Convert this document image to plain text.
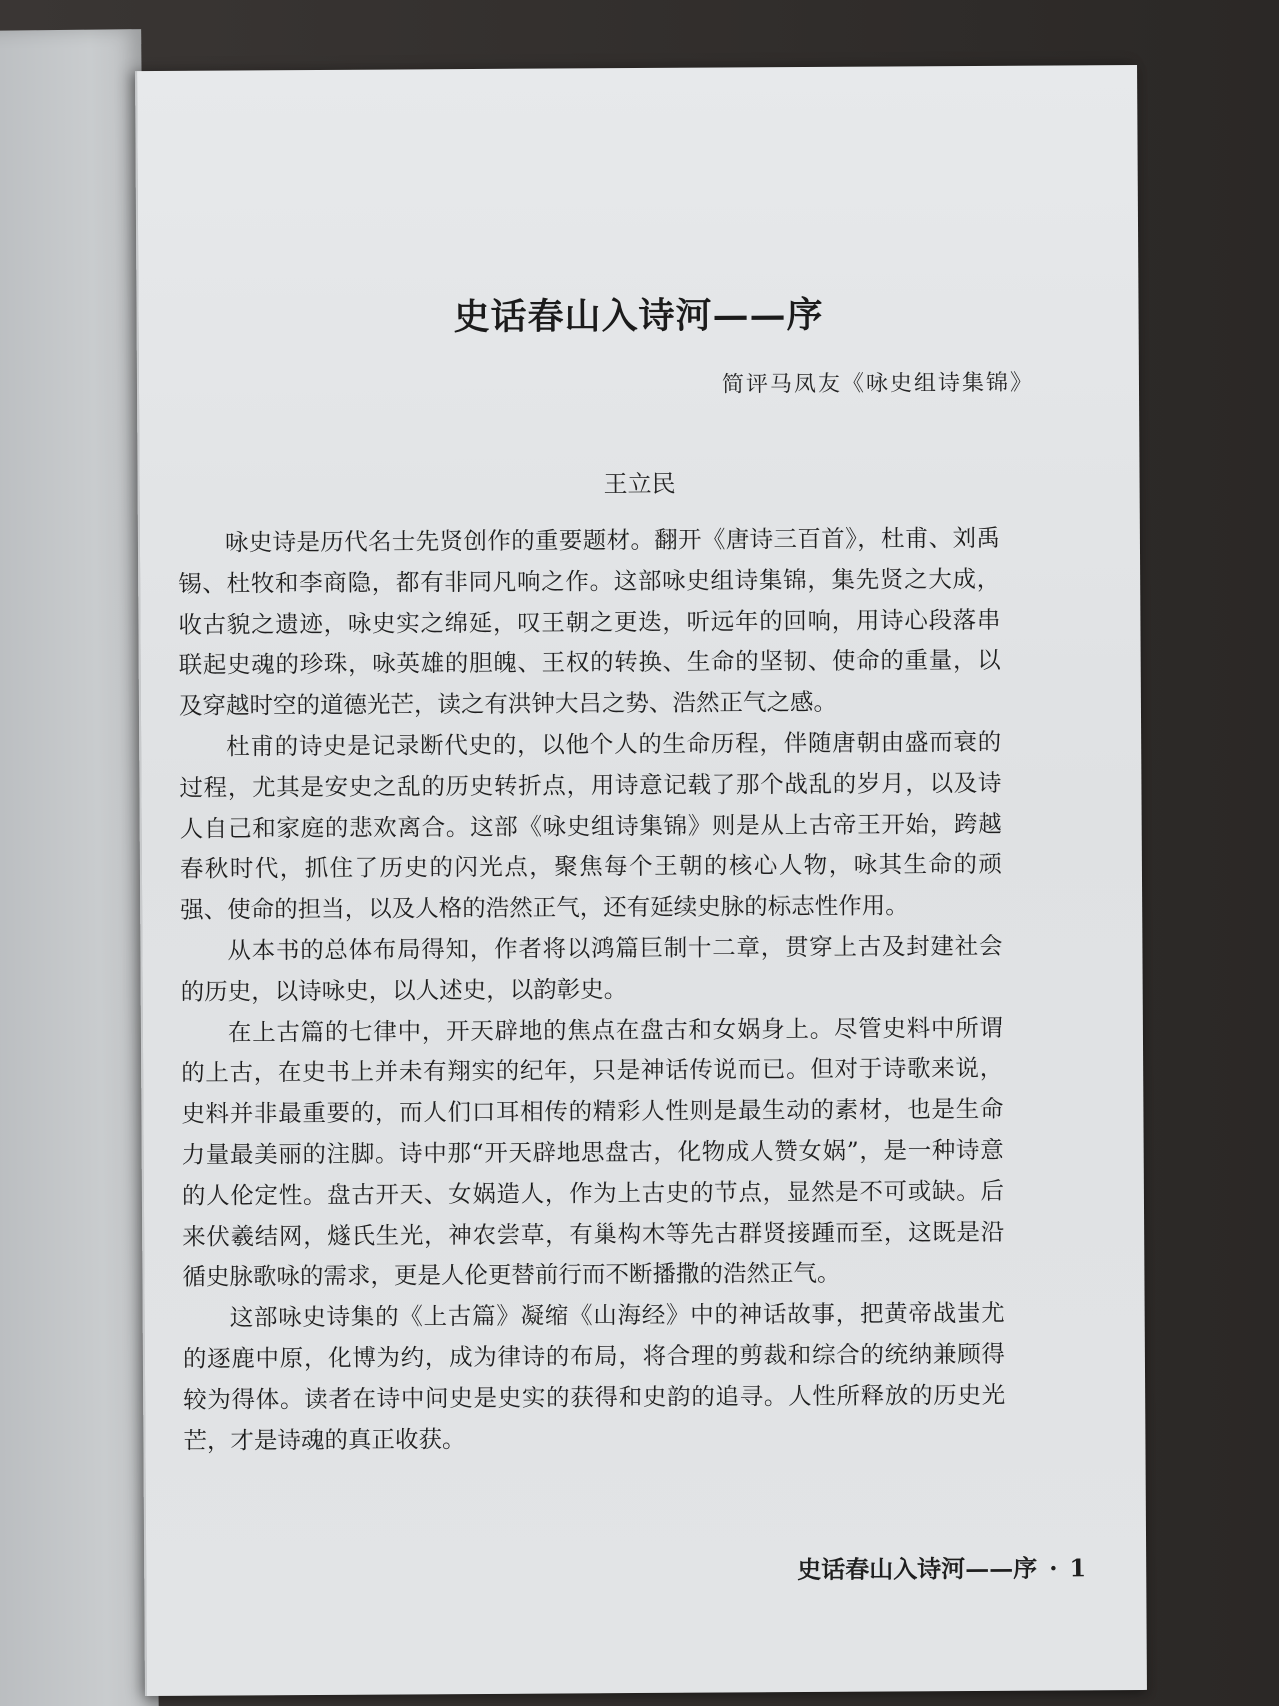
史话春山入诗河——序
简评马凤友《咏史组诗集锦》
王立民

咏史诗是历代名士先贤创作的重要题材。翻开《唐诗三百首》，杜甫、刘禹锡、杜牧和李商隐，都有非同凡响之作。这部咏史组诗集锦，集先贤之大成，收古貌之遗迹，咏史实之绵延，叹王朝之更迭，听远年的回响，用诗心段落串联起史魂的珍珠，咏英雄的胆魄、王权的转换、生命的坚韧、使命的重量，以及穿越时空的道德光芒，读之有洪钟大吕之势、浩然正气之感。

杜甫的诗史是记录断代史的，以他个人的生命历程，伴随唐朝由盛而衰的过程，尤其是安史之乱的历史转折点，用诗意记载了那个战乱的岁月，以及诗人自己和家庭的悲欢离合。这部《咏史组诗集锦》则是从上古帝王开始，跨越春秋时代，抓住了历史的闪光点，聚焦每个王朝的核心人物，咏其生命的顽强、使命的担当，以及人格的浩然正气，还有延续史脉的标志性作用。

从本书的总体布局得知，作者将以鸿篇巨制十二章，贯穿上古及封建社会的历史，以诗咏史，以人述史，以韵彰史。

在上古篇的七律中，开天辟地的焦点在盘古和女娲身上。尽管史料中所谓的上古，在史书上并未有翔实的纪年，只是神话传说而已。但对于诗歌来说，史料并非最重要的，而人们口耳相传的精彩人性则是最生动的素材，也是生命力量最美丽的注脚。诗中那“开天辟地思盘古，化物成人赞女娲”，是一种诗意的人伦定性。盘古开天、女娲造人，作为上古史的节点，显然是不可或缺。后来伏羲结网，燧氏生光，神农尝草，有巢构木等先古群贤接踵而至，这既是沿循史脉歌咏的需求，更是人伦更替前行而不断播撒的浩然正气。

这部咏史诗集的《上古篇》凝缩《山海经》中的神话故事，把黄帝战蚩尤的逐鹿中原，化博为约，成为律诗的布局，将合理的剪裁和综合的统纳兼顾得较为得体。读者在诗中问史是史实的获得和史韵的追寻。人性所释放的历史光芒，才是诗魂的真正收获。

史话春山入诗河——序 · 1
